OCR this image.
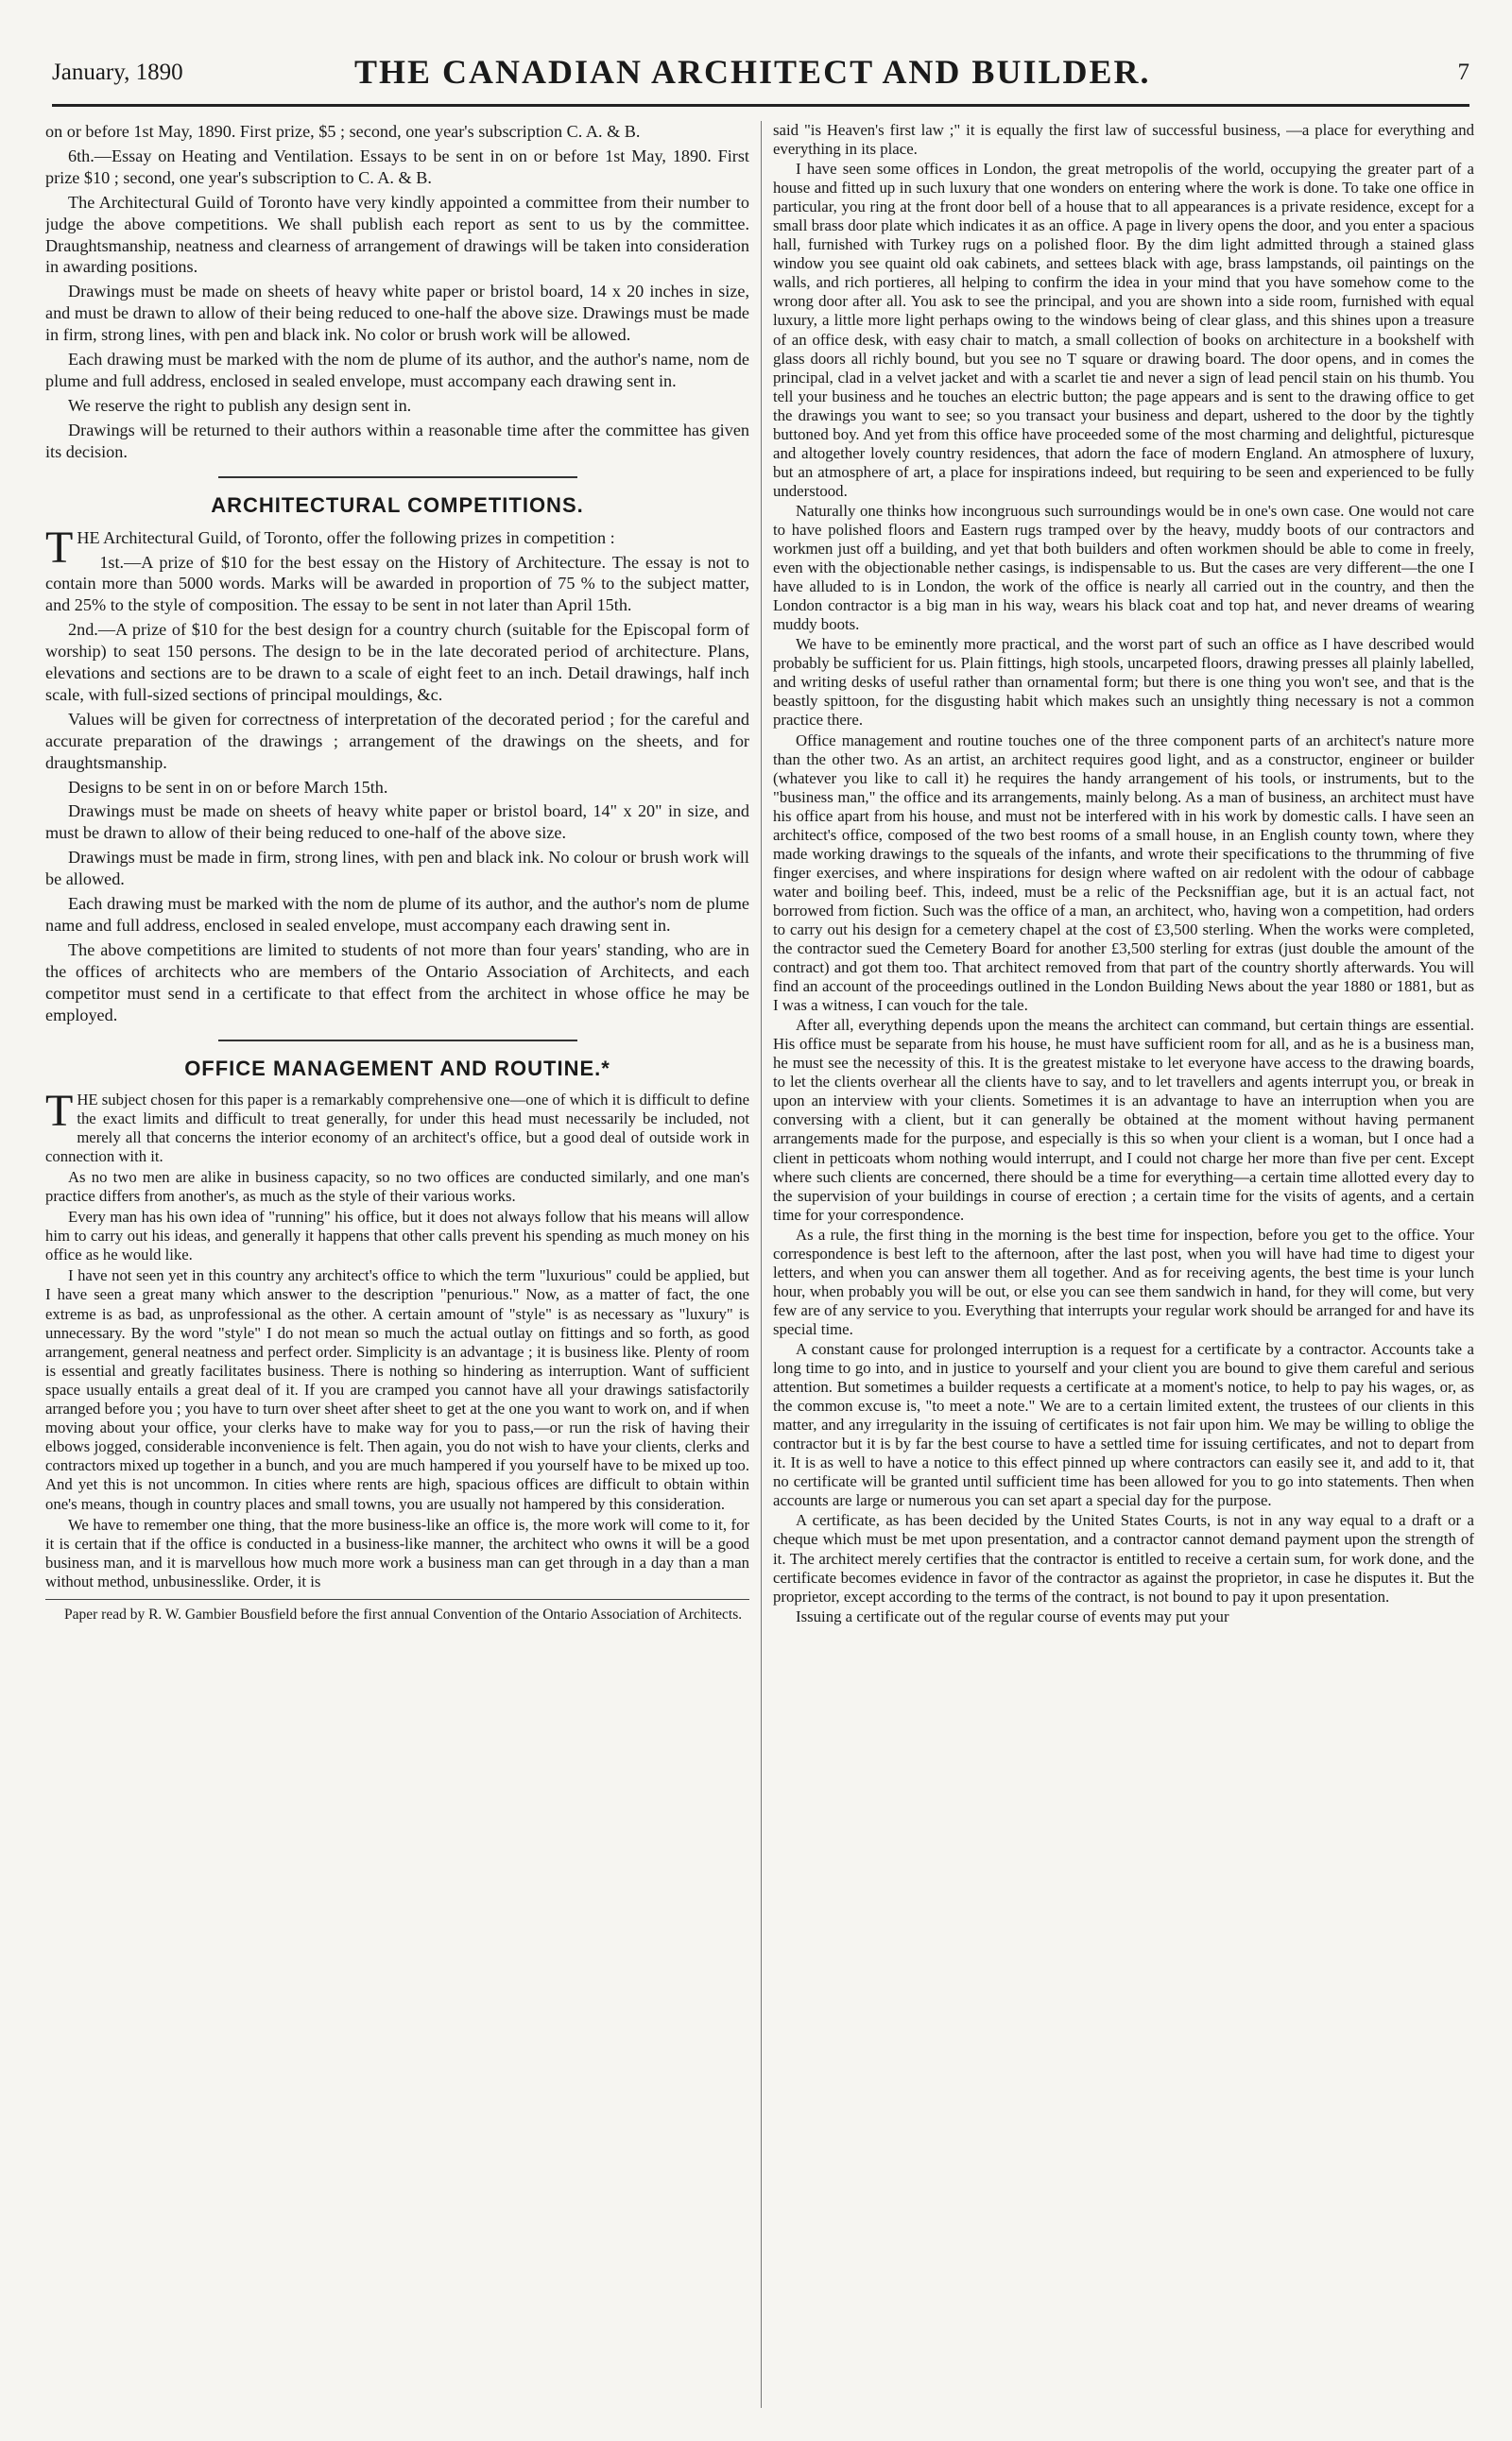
January, 1890	THE CANADIAN ARCHITECT AND BUILDER.	7

on or before 1st May, 1890. First prize, $5 ; second, one year's subscription C. A. & B.

6th.—Essay on Heating and Ventilation. Essays to be sent in on or before 1st May, 1890. First prize $10 ; second, one year's subscription to C. A. & B.

The Architectural Guild of Toronto have very kindly appointed a committee from their number to judge the above competitions. We shall publish each report as sent to us by the committee. Draughtsmanship, neatness and clearness of arrangement of drawings will be taken into consideration in awarding positions.

Drawings must be made on sheets of heavy white paper or bristol board, 14 x 20 inches in size, and must be drawn to allow of their being reduced to one-half the above size. Drawings must be made in firm, strong lines, with pen and black ink. No color or brush work will be allowed.

Each drawing must be marked with the nom de plume of its author, and the author's name, nom de plume and full address, enclosed in sealed envelope, must accompany each drawing sent in.

We reserve the right to publish any design sent in.

Drawings will be returned to their authors within a reasonable time after the committee has given its decision.

ARCHITECTURAL COMPETITIONS.

THE Architectural Guild, of Toronto, offer the following prizes in competition :

1st.—A prize of $10 for the best essay on the History of Architecture. The essay is not to contain more than 5000 words. Marks will be awarded in proportion of 75 % to the subject matter, and 25% to the style of composition. The essay to be sent in not later than April 15th.

2nd.—A prize of $10 for the best design for a country church (suitable for the Episcopal form of worship) to seat 150 persons. The design to be in the late decorated period of architecture. Plans, elevations and sections are to be drawn to a scale of eight feet to an inch. Detail drawings, half inch scale, with full-sized sections of principal mouldings, &c.

Values will be given for correctness of interpretation of the decorated period ; for the careful and accurate preparation of the drawings ; arrangement of the drawings on the sheets, and for draughtsmanship.

Designs to be sent in on or before March 15th.

Drawings must be made on sheets of heavy white paper or bristol board, 14" x 20" in size, and must be drawn to allow of their being reduced to one-half of the above size.

Drawings must be made in firm, strong lines, with pen and black ink. No colour or brush work will be allowed.

Each drawing must be marked with the nom de plume of its author, and the author's nom de plume name and full address, enclosed in sealed envelope, must accompany each drawing sent in.

The above competitions are limited to students of not more than four years' standing, who are in the offices of architects who are members of the Ontario Association of Architects, and each competitor must send in a certificate to that effect from the architect in whose office he may be employed.

OFFICE MANAGEMENT AND ROUTINE.*

THE subject chosen for this paper is a remarkably comprehensive one—one of which it is difficult to define the exact limits and difficult to treat generally, for under this head must necessarily be included, not merely all that concerns the interior economy of an architect's office, but a good deal of outside work in connection with it.

As no two men are alike in business capacity, so no two offices are conducted similarly, and one man's practice differs from another's, as much as the style of their various works.

Every man has his own idea of "running" his office, but it does not always follow that his means will allow him to carry out his ideas, and generally it happens that other calls prevent his spending as much money on his office as he would like.

I have not seen yet in this country any architect's office to which the term "luxurious" could be applied, but I have seen a great many which answer to the description "penurious." Now, as a matter of fact, the one extreme is as bad, as unprofessional as the other. A certain amount of "style" is as necessary as "luxury" is unnecessary. By the word "style" I do not mean so much the actual outlay on fittings and so forth, as good arrangement, general neatness and perfect order. Simplicity is an advantage ; it is business like. Plenty of room is essential and greatly facilitates business. There is nothing so hindering as interruption. Want of sufficient space usually entails a great deal of it. If you are cramped you cannot have all your drawings satisfactorily arranged before you ; you have to turn over sheet after sheet to get at the one you want to work on, and if when moving about your office, your clerks have to make way for you to pass,—or run the risk of having their elbows jogged, considerable inconvenience is felt. Then again, you do not wish to have your clients, clerks and contractors mixed up together in a bunch, and you are much hampered if you yourself have to be mixed up too. And yet this is not uncommon. In cities where rents are high, spacious offices are difficult to obtain within one's means, though in country places and small towns, you are usually not hampered by this consideration.

We have to remember one thing, that the more business-like an office is, the more work will come to it, for it is certain that if the office is conducted in a business-like manner, the architect who owns it will be a good business man, and it is marvellous how much more work a business man can get through in a day than a man without method, unbusinesslike. Order, it is

Paper read by R. W. Gambier Bousfield before the first annual Convention of the Ontario Association of Architects.

said "is Heaven's first law ;" it is equally the first law of successful business, —a place for everything and everything in its place.

I have seen some offices in London, the great metropolis of the world, occupying the greater part of a house and fitted up in such luxury that one wonders on entering where the work is done. To take one office in particular, you ring at the front door bell of a house that to all appearances is a private residence, except for a small brass door plate which indicates it as an office. A page in livery opens the door, and you enter a spacious hall, furnished with Turkey rugs on a polished floor. By the dim light admitted through a stained glass window you see quaint old oak cabinets, and settees black with age, brass lampstands, oil paintings on the walls, and rich portieres, all helping to confirm the idea in your mind that you have somehow come to the wrong door after all. You ask to see the principal, and you are shown into a side room, furnished with equal luxury, a little more light perhaps owing to the windows being of clear glass, and this shines upon a treasure of an office desk, with easy chair to match, a small collection of books on architecture in a bookshelf with glass doors all richly bound, but you see no T square or drawing board. The door opens, and in comes the principal, clad in a velvet jacket and with a scarlet tie and never a sign of lead pencil stain on his thumb. You tell your business and he touches an electric button; the page appears and is sent to the drawing office to get the drawings you want to see; so you transact your business and depart, ushered to the door by the tightly buttoned boy. And yet from this office have proceeded some of the most charming and delightful, picturesque and altogether lovely country residences, that adorn the face of modern England. An atmosphere of luxury, but an atmosphere of art, a place for inspirations indeed, but requiring to be seen and experienced to be fully understood.

Naturally one thinks how incongruous such surroundings would be in one's own case. One would not care to have polished floors and Eastern rugs tramped over by the heavy, muddy boots of our contractors and workmen just off a building, and yet that both builders and often workmen should be able to come in freely, even with the objectionable nether casings, is indispensable to us. But the cases are very different—the one I have alluded to is in London, the work of the office is nearly all carried out in the country, and then the London contractor is a big man in his way, wears his black coat and top hat, and never dreams of wearing muddy boots.

We have to be eminently more practical, and the worst part of such an office as I have described would probably be sufficient for us. Plain fittings, high stools, uncarpeted floors, drawing presses all plainly labelled, and writing desks of useful rather than ornamental form; but there is one thing you won't see, and that is the beastly spittoon, for the disgusting habit which makes such an unsightly thing necessary is not a common practice there.

Office management and routine touches one of the three component parts of an architect's nature more than the other two. As an artist, an architect requires good light, and as a constructor, engineer or builder (whatever you like to call it) he requires the handy arrangement of his tools, or instruments, but to the "business man," the office and its arrangements, mainly belong. As a man of business, an architect must have his office apart from his house, and must not be interfered with in his work by domestic calls. I have seen an architect's office, composed of the two best rooms of a small house, in an English county town, where they made working drawings to the squeals of the infants, and wrote their specifications to the thrumming of five finger exercises, and where inspirations for design where wafted on air redolent with the odour of cabbage water and boiling beef. This, indeed, must be a relic of the Pecksniffian age, but it is an actual fact, not borrowed from fiction. Such was the office of a man, an architect, who, having won a competition, had orders to carry out his design for a cemetery chapel at the cost of £3,500 sterling. When the works were completed, the contractor sued the Cemetery Board for another £3,500 sterling for extras (just double the amount of the contract) and got them too. That architect removed from that part of the country shortly afterwards. You will find an account of the proceedings outlined in the London Building News about the year 1880 or 1881, but as I was a witness, I can vouch for the tale.

After all, everything depends upon the means the architect can command, but certain things are essential. His office must be separate from his house, he must have sufficient room for all, and as he is a business man, he must see the necessity of this. It is the greatest mistake to let everyone have access to the drawing boards, to let the clients overhear all the clients have to say, and to let travellers and agents interrupt you, or break in upon an interview with your clients. Sometimes it is an advantage to have an interruption when you are conversing with a client, but it can generally be obtained at the moment without having permanent arrangements made for the purpose, and especially is this so when your client is a woman, but I once had a client in petticoats whom nothing would interrupt, and I could not charge her more than five per cent. Except where such clients are concerned, there should be a time for everything—a certain time allotted every day to the supervision of your buildings in course of erection ; a certain time for the visits of agents, and a certain time for your correspondence.

As a rule, the first thing in the morning is the best time for inspection, before you get to the office. Your correspondence is best left to the afternoon, after the last post, when you will have had time to digest your letters, and when you can answer them all together. And as for receiving agents, the best time is your lunch hour, when probably you will be out, or else you can see them sandwich in hand, for they will come, but very few are of any service to you. Everything that interrupts your regular work should be arranged for and have its special time.

A constant cause for prolonged interruption is a request for a certificate by a contractor. Accounts take a long time to go into, and in justice to yourself and your client you are bound to give them careful and serious attention. But sometimes a builder requests a certificate at a moment's notice, to help to pay his wages, or, as the common excuse is, "to meet a note." We are to a certain limited extent, the trustees of our clients in this matter, and any irregularity in the issuing of certificates is not fair upon him. We may be willing to oblige the contractor but it is by far the best course to have a settled time for issuing certificates, and not to depart from it. It is as well to have a notice to this effect pinned up where contractors can easily see it, and add to it, that no certificate will be granted until sufficient time has been allowed for you to go into statements. Then when accounts are large or numerous you can set apart a special day for the purpose.

A certificate, as has been decided by the United States Courts, is not in any way equal to a draft or a cheque which must be met upon presentation, and a contractor cannot demand payment upon the strength of it. The architect merely certifies that the contractor is entitled to receive a certain sum, for work done, and the certificate becomes evidence in favor of the contractor as against the proprietor, in case he disputes it. But the proprietor, except according to the terms of the contract, is not bound to pay it upon presentation.

Issuing a certificate out of the regular course of events may put your
